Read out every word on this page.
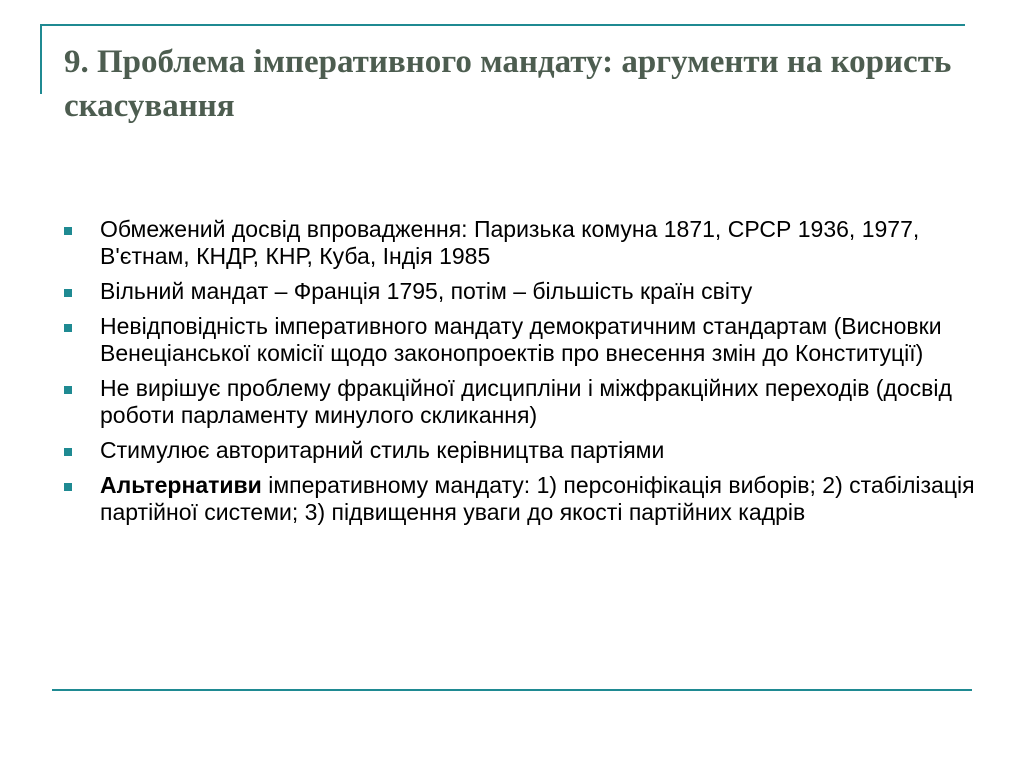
9. Проблема імперативного мандату: аргументи на користь скасування
Обмежений досвід впровадження: Паризька комуна 1871, СРСР 1936, 1977, В'єтнам, КНДР, КНР, Куба, Індія 1985
Вільний мандат – Франція 1795, потім – більшість країн світу
Невідповідність імперативного мандату демократичним стандартам (Висновки Венеціанської комісії щодо законопроектів про внесення змін до Конституції)
Не вирішує проблему фракційної дисципліни і міжфракційних переходів (досвід роботи парламенту минулого скликання)
Стимулює авторитарний стиль керівництва партіями
Альтернативи імперативному мандату: 1) персоніфікація виборів; 2) стабілізація партійної системи; 3) підвищення уваги до якості партійних кадрів
